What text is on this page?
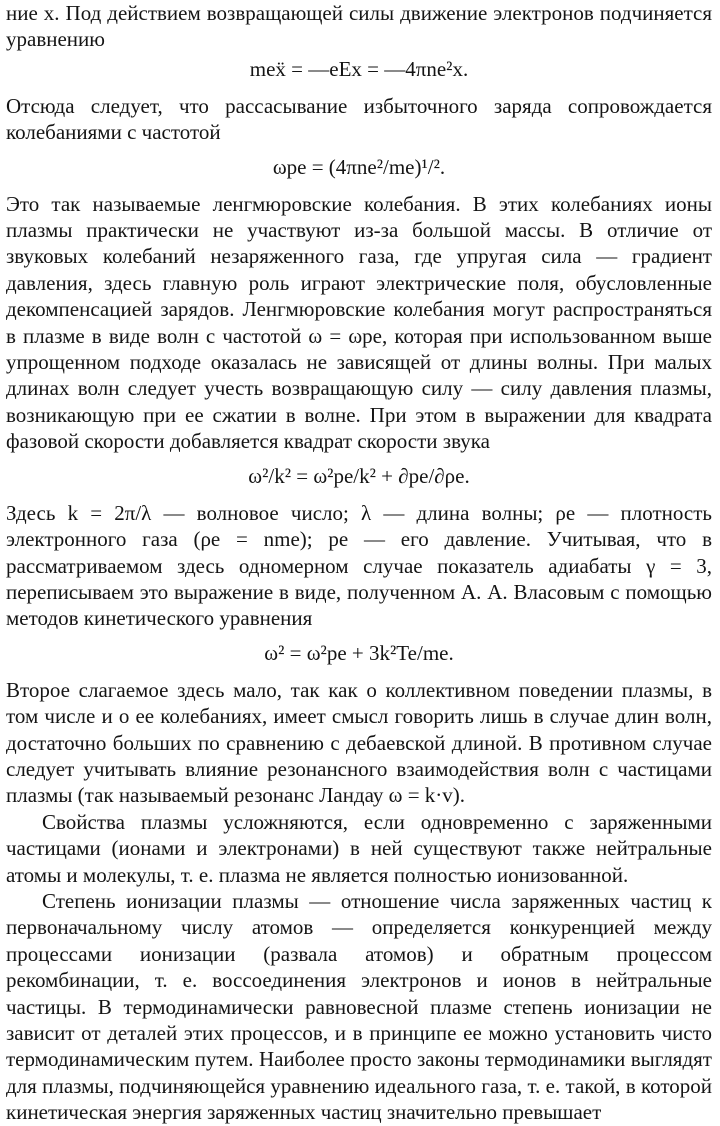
ние x. Под действием возвращающей силы движение электронов подчиняется уравнению

meẍ = —eEx = —4πne²x.

Отсюда следует, что рассасывание избыточного заряда сопровождается колебаниями с частотой

ωpe = (4πne²/me)¹/².

Это так называемые ленгмюровские колебания. В этих колебаниях ионы плазмы практически не участвуют из-за большой массы. В отличие от звуковых колебаний незаряженного газа, где упругая сила — градиент давления, здесь главную роль играют электрические поля, обусловленные декомпенсацией зарядов. Ленгмюровские колебания могут распространяться в плазме в виде волн с частотой ω = ωpe, которая при использованном выше упрощенном подходе оказалась не зависящей от длины волны. При малых длинах волн следует учесть возвращающую силу — силу давления плазмы, возникающую при ее сжатии в волне. При этом в выражении для квадрата фазовой скорости добавляется квадрат скорости звука

ω²/k² = ω²pe/k² + ∂pe/∂ρe.

Здесь k = 2π/λ — волновое число; λ — длина волны; ρe — плотность электронного газа (ρe = nme); pe — его давление. Учитывая, что в рассматриваемом здесь одномерном случае показатель адиабаты γ = 3, переписываем это выражение в виде, полученном А. А. Власовым с помощью методов кинетического уравнения

ω² = ω²pe + 3k²Te/me.

Второе слагаемое здесь мало, так как о коллективном поведении плазмы, в том числе и о ее колебаниях, имеет смысл говорить лишь в случае длин волн, достаточно больших по сравнению с дебаевской длиной. В противном случае следует учитывать влияние резонансного взаимодействия волн с частицами плазмы (так называемый резонанс Ландау ω = k·v).

Свойства плазмы усложняются, если одновременно с заряженными частицами (ионами и электронами) в ней существуют также нейтральные атомы и молекулы, т. е. плазма не является полностью ионизованной.

Степень ионизации плазмы — отношение числа заряженных частиц к первоначальному числу атомов — определяется конкуренцией между процессами ионизации (развала атомов) и обратным процессом рекомбинации, т. е. воссоединения электронов и ионов в нейтральные частицы. В термодинамически равновесной плазме степень ионизации не зависит от деталей этих процессов, и в принципе ее можно установить чисто термодинамическим путем. Наиболее просто законы термодинамики выглядят для плазмы, подчиняющейся уравнению идеального газа, т. е. такой, в которой кинетическая энергия заряженных частиц значительно превышает
